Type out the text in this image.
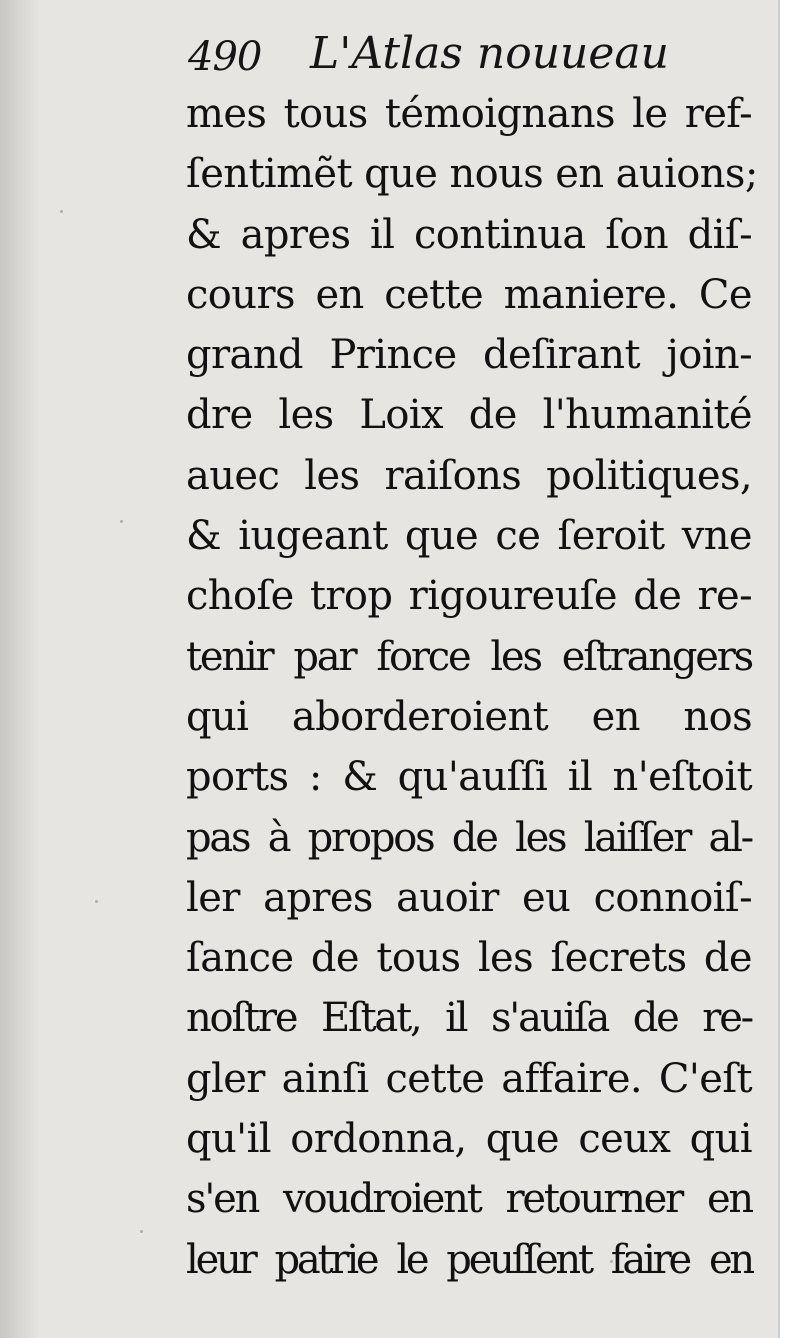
490 L'Atlas nouueau
mes tous témoignans le ref-
ſentimẽt que nous en auions;
& apres il continua ſon diſ-
cours en cette maniere. Ce
grand Prince deſirant join-
dre les Loix de l'humanité
auec les raiſons politiques,
& iugeant que ce ſeroit vne
choſe trop rigoureuſe de re-
tenir par force les eſtrangers
qui aborderoient en nos
ports : & qu'auſſi il n'eſtoit
pas à propos de les laiſſer al-
ler apres auoir eu connoiſ-
ſance de tous les ſecrets de
noſtre Eſtat, il s'auiſa de re-
gler ainſi cette affaire. C'eſt
qu'il ordonna, que ceux qui
s'en voudroient retourner en
leur patrie le peuſſent faire en
